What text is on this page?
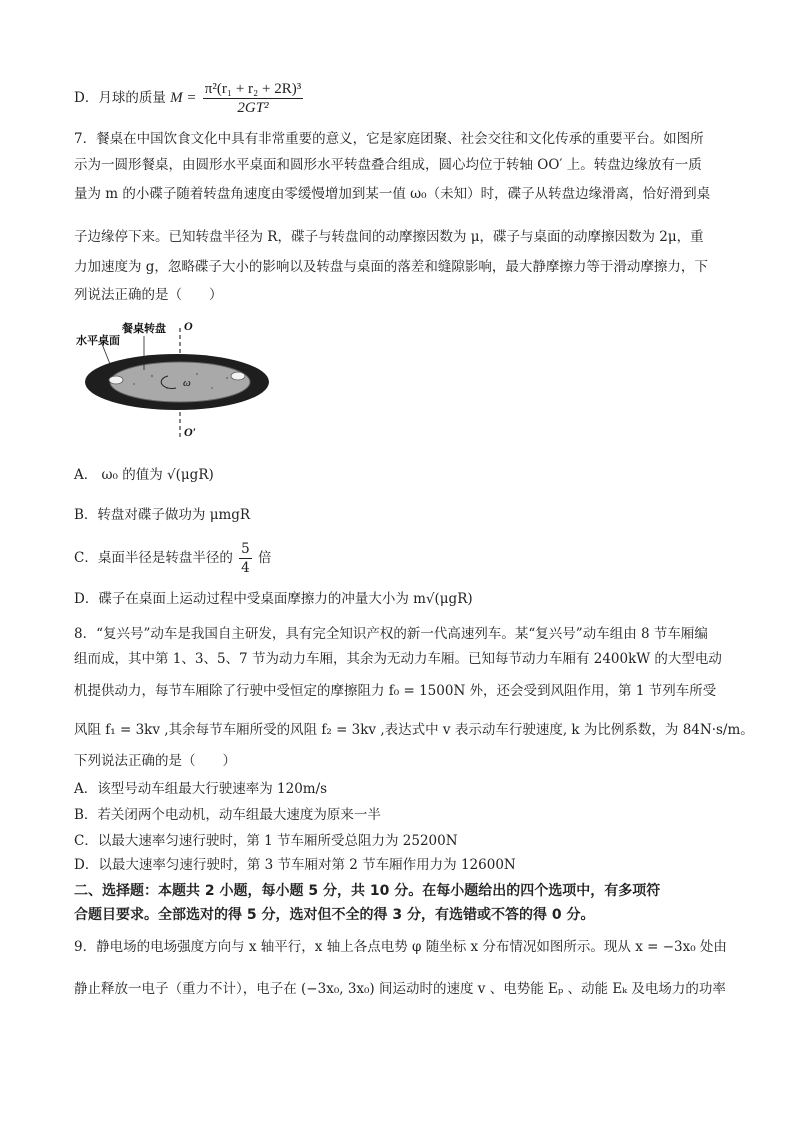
D．月球的质量 $M = \frac{\text{π²(r₁ + r₂ + 2R)³}}{\text{2GT²}}$
7．餐桌在中国饮食文化中具有非常重要的意义，它是家庭团聚、社会交往和文化传承的重要平台。如图所
示为一圆形餐桌，由圆形水平桌面和圆形水平转盘叠合组成，圆心均位于转轴 OO′ 上。转盘边缘放有一质
量为 m 的小碟子随着转盘角速度由零缓慢增加到某一值 ω₀（未知）时，碟子从转盘边缘滑离，恰好滑到桌
子边缘停下来。已知转盘半径为 R，碟子与转盘间的动摩擦因数为 μ，碟子与桌面的动摩擦因数为 2μ，重
力加速度为 g，忽略碟子大小的影响以及转盘与桌面的落差和缝隙影响，最大静摩擦力等于滑动摩擦力，下
列说法正确的是（　　）
水平桌面
餐桌转盘 O
O′
ω
A． ω₀ 的值为 √(μgR)
B．转盘对碟子做功为 μmgR
C．桌面半径是转盘半径的 $\frac{5}{4}$ 倍
D．碟子在桌面上运动过程中受桌面摩擦力的冲量大小为 m√(μgR)
8．“复兴号”动车是我国自主研发，具有完全知识产权的新一代高速列车。某“复兴号”动车组由 8 节车厢编
组而成，其中第 1、3、5、7 节为动力车厢，其余为无动力车厢。已知每节动力车厢有 2400kW 的大型电动
机提供动力，每节车厢除了行驶中受恒定的摩擦阻力 f₀ = 1500N 外，还会受到风阻作用，第 1 节列车所受
风阻 f₁ = 3kv ,其余每节车厢所受的风阻 f₂ = 3kv ,表达式中 v 表示动车行驶速度, k 为比例系数，为 84N·s/m。
下列说法正确的是（　　）
A．该型号动车组最大行驶速率为 120m/s
B．若关闭两个电动机，动车组最大速度为原来一半
C．以最大速率匀速行驶时，第 1 节车厢所受总阻力为 25200N
D．以最大速率匀速行驶时，第 3 节车厢对第 2 节车厢作用力为 12600N
二、选择题：本题共 2 小题，每小题 5 分，共 10 分。在每小题给出的四个选项中，有多项符
合题目要求。全部选对的得 5 分，选对但不全的得 3 分，有选错或不答的得 0 分。
9．静电场的电场强度方向与 x 轴平行，x 轴上各点电势 φ 随坐标 x 分布情况如图所示。现从 x = −3x₀ 处由
静止释放一电子（重力不计），电子在 (−3x₀, 3x₀) 间运动时的速度 v 、电势能 Eₚ 、动能 Eₖ 及电场力的功率
